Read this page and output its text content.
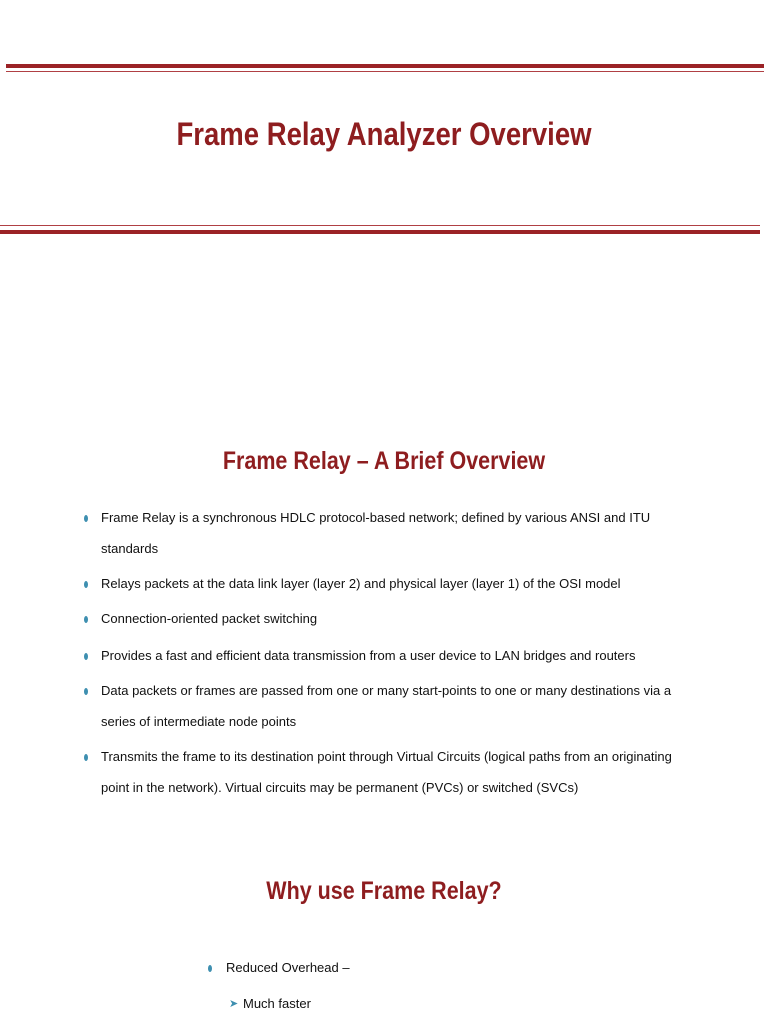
Frame Relay Analyzer Overview
Frame Relay – A Brief Overview
Frame Relay is a synchronous HDLC protocol-based network; defined by various ANSI and ITU standards
Relays packets at the data link layer (layer 2) and physical layer (layer 1) of the OSI model
Connection-oriented packet switching
Provides a fast and efficient data transmission from a user device to LAN bridges and routers
Data packets or frames are passed from one or many start-points to one or many destinations via a series of intermediate node points
Transmits the frame to its destination point through Virtual Circuits (logical paths from an originating point in the network). Virtual circuits may be permanent (PVCs) or switched (SVCs)
Why use Frame Relay?
Reduced Overhead –
➤ Much faster
